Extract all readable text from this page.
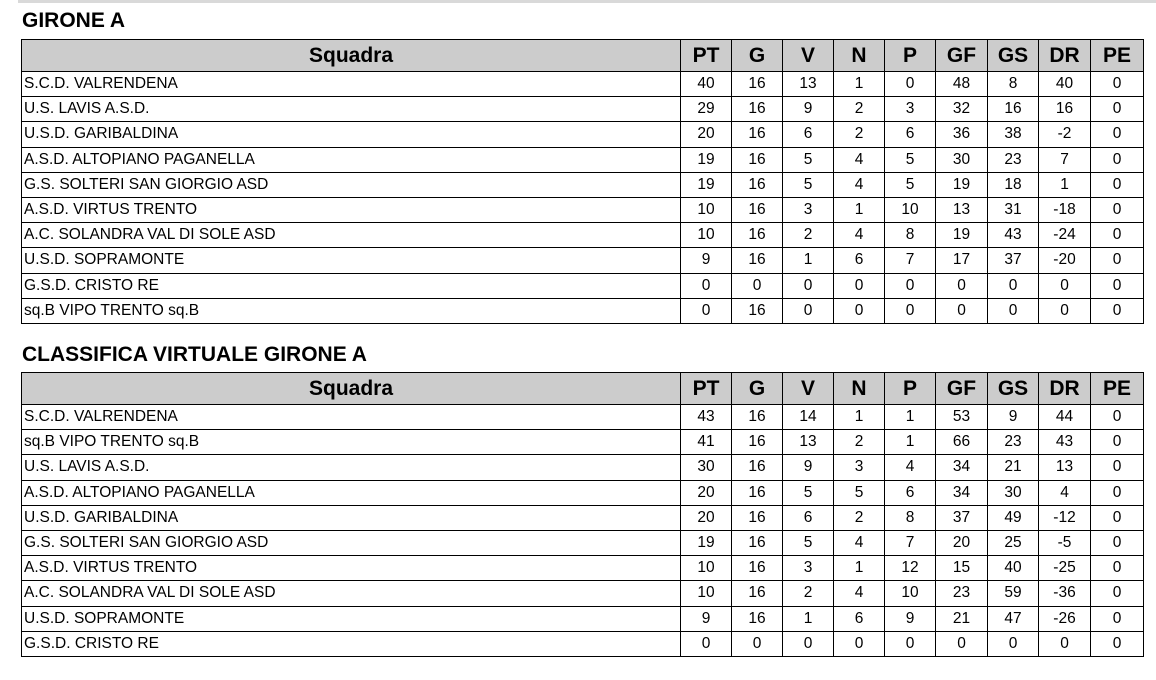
GIRONE A
Squadra	PT	G	V	N	P	GF	GS	DR	PE
S.C.D. VALRENDENA	40	16	13	1	0	48	8	40	0
U.S. LAVIS A.S.D.	29	16	9	2	3	32	16	16	0
U.S.D. GARIBALDINA	20	16	6	2	6	36	38	-2	0
A.S.D. ALTOPIANO PAGANELLA	19	16	5	4	5	30	23	7	0
G.S. SOLTERI SAN GIORGIO ASD	19	16	5	4	5	19	18	1	0
A.S.D. VIRTUS TRENTO	10	16	3	1	10	13	31	-18	0
A.C. SOLANDRA VAL DI SOLE ASD	10	16	2	4	8	19	43	-24	0
U.S.D. SOPRAMONTE	9	16	1	6	7	17	37	-20	0
G.S.D. CRISTO RE	0	0	0	0	0	0	0	0	0
sq.B VIPO TRENTO sq.B	0	16	0	0	0	0	0	0	0
CLASSIFICA VIRTUALE GIRONE A
Squadra	PT	G	V	N	P	GF	GS	DR	PE
S.C.D. VALRENDENA	43	16	14	1	1	53	9	44	0
sq.B VIPO TRENTO sq.B	41	16	13	2	1	66	23	43	0
U.S. LAVIS A.S.D.	30	16	9	3	4	34	21	13	0
A.S.D. ALTOPIANO PAGANELLA	20	16	5	5	6	34	30	4	0
U.S.D. GARIBALDINA	20	16	6	2	8	37	49	-12	0
G.S. SOLTERI SAN GIORGIO ASD	19	16	5	4	7	20	25	-5	0
A.S.D. VIRTUS TRENTO	10	16	3	1	12	15	40	-25	0
A.C. SOLANDRA VAL DI SOLE ASD	10	16	2	4	10	23	59	-36	0
U.S.D. SOPRAMONTE	9	16	1	6	9	21	47	-26	0
G.S.D. CRISTO RE	0	0	0	0	0	0	0	0	0
